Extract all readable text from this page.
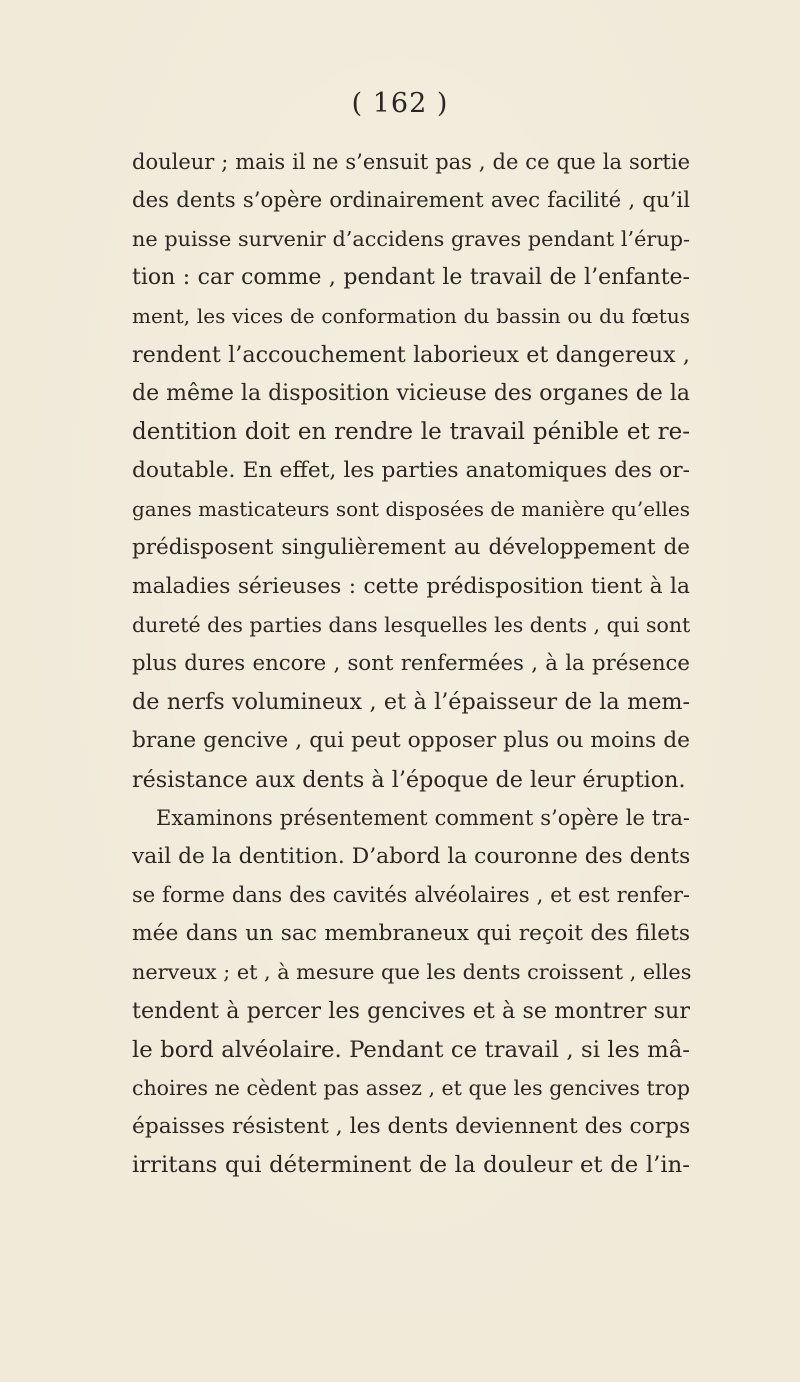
( 162 )
douleur ; mais il ne s’ensuit pas , de ce que la sortie
des dents s’opère ordinairement avec facilité , qu’il
ne puisse survenir d’accidens graves pendant l’érup-
tion : car comme , pendant le travail de l’enfante-
ment, les vices de conformation du bassin ou du fœtus
rendent l’accouchement laborieux et dangereux ,
de même la disposition vicieuse des organes de la
dentition doit en rendre le travail pénible et re-
doutable. En effet, les parties anatomiques des or-
ganes masticateurs sont disposées de manière qu’elles
prédisposent singulièrement au développement de
maladies sérieuses : cette prédisposition tient à la
dureté des parties dans lesquelles les dents , qui sont
plus dures encore , sont renfermées , à la présence
de nerfs volumineux , et à l’épaisseur de la mem-
brane gencive , qui peut opposer plus ou moins de
résistance aux dents à l’époque de leur éruption.
Examinons présentement comment s’opère le tra-
vail de la dentition. D’abord la couronne des dents
se forme dans des cavités alvéolaires , et est renfer-
mée dans un sac membraneux qui reçoit des filets
nerveux ; et , à mesure que les dents croissent , elles
tendent à percer les gencives et à se montrer sur
le bord alvéolaire. Pendant ce travail , si les mâ-
choires ne cèdent pas assez , et que les gencives trop
épaisses résistent , les dents deviennent des corps
irritans qui déterminent de la douleur et de l’in-
